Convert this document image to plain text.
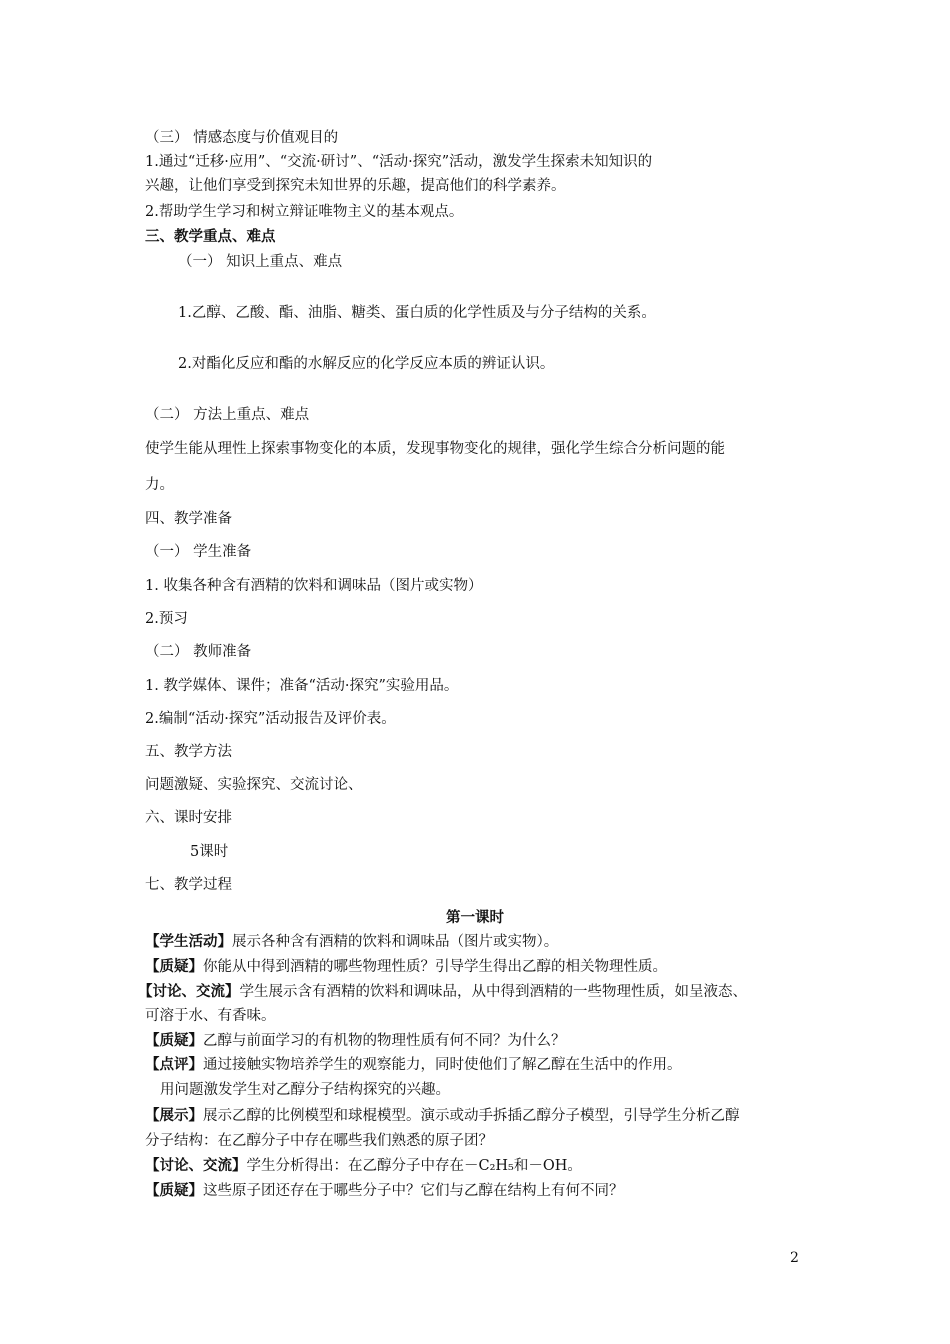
（三） 情感态度与价值观目的
1.通过“迁移·应用”、“交流·研讨”、“活动·探究”活动，激发学生探索未知知识的
兴趣，让他们享受到探究未知世界的乐趣，提高他们的科学素养。
2.帮助学生学习和树立辩证唯物主义的基本观点。
三、教学重点、难点
（一） 知识上重点、难点
1.乙醇、乙酸、酯、油脂、糖类、蛋白质的化学性质及与分子结构的关系。
2.对酯化反应和酯的水解反应的化学反应本质的辨证认识。
（二） 方法上重点、难点
使学生能从理性上探索事物变化的本质，发现事物变化的规律，强化学生综合分析问题的能
力。
四、教学准备
（一） 学生准备
1. 收集各种含有酒精的饮料和调味品（图片或实物）
2.预习
（二） 教师准备
1. 教学媒体、课件；准备“活动·探究”实验用品。
2.编制“活动·探究”活动报告及评价表。
五、教学方法
问题激疑、实验探究、交流讨论、
六、课时安排
5课时
七、教学过程
第一课时
【学生活动】展示各种含有酒精的饮料和调味品（图片或实物）。
【质疑】你能从中得到酒精的哪些物理性质？引导学生得出乙醇的相关物理性质。
【讨论、交流】学生展示含有酒精的饮料和调味品，从中得到酒精的一些物理性质，如呈液态、
可溶于水、有香味。
【质疑】乙醇与前面学习的有机物的物理性质有何不同？为什么？
【点评】通过接触实物培养学生的观察能力，同时使他们了解乙醇在生活中的作用。
用问题激发学生对乙醇分子结构探究的兴趣。
【展示】展示乙醇的比例模型和球棍模型。演示或动手拆插乙醇分子模型，引导学生分析乙醇
分子结构：在乙醇分子中存在哪些我们熟悉的原子团？
【讨论、交流】学生分析得出：在乙醇分子中存在－C₂H₅和－OH。
【质疑】这些原子团还存在于哪些分子中？它们与乙醇在结构上有何不同？
2
